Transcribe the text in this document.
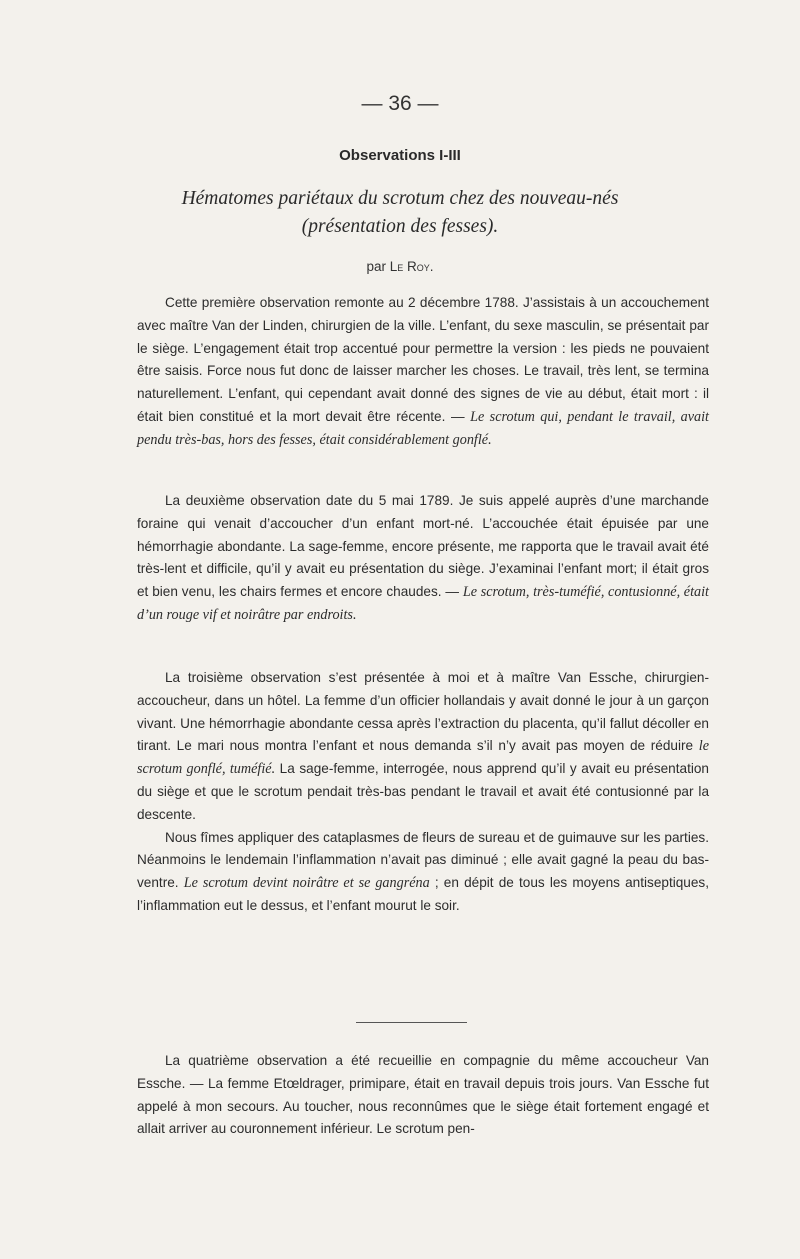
— 36 —
Observations I-III
Hématomes pariétaux du scrotum chez des nouveau-nés
(présentation des fesses).
par Le Roy.

Cette première observation remonte au 2 décembre 1788. J’assistais à un accouchement avec maître Van der Linden, chirurgien de la ville. L’enfant, du sexe masculin, se présentait par le siège. L’engagement était trop accentué pour permettre la version : les pieds ne pouvaient être saisis. Force nous fut donc de laisser marcher les choses. Le travail, très lent, se termina naturellement. L’enfant, qui cependant avait donné des signes de vie au début, était mort : il était bien constitué et la mort devait être récente. — Le scrotum qui, pendant le travail, avait pendu très-bas, hors des fesses, était considérablement gonflé.

La deuxième observation date du 5 mai 1789. Je suis appelé auprès d’une marchande foraine qui venait d’accoucher d’un enfant mort-né. L’accouchée était épuisée par une hémorrhagie abondante. La sage-femme, encore présente, me rapporta que le travail avait été très-lent et difficile, qu’il y avait eu présentation du siège. J’examinai l’enfant mort; il était gros et bien venu, les chairs fermes et encore chaudes. — Le scrotum, très-tuméfié, contusionné, était d’un rouge vif et noirâtre par endroits.

La troisième observation s’est présentée à moi et à maître Van Essche, chirurgien-accoucheur, dans un hôtel. La femme d’un officier hollandais y avait donné le jour à un garçon vivant. Une hémorrhagie abondante cessa après l’extraction du placenta, qu’il fallut décoller en tirant. Le mari nous montra l’enfant et nous demanda s’il n’y avait pas moyen de réduire le scrotum gonflé, tuméfié. La sage-femme, interrogée, nous apprend qu’il y avait eu présentation du siège et que le scrotum pendait très-bas pendant le travail et avait été contusionné par la descente.

Nous fîmes appliquer des cataplasmes de fleurs de sureau et de guimauve sur les parties. Néanmoins le lendemain l’inflammation n’avait pas diminué ; elle avait gagné la peau du bas-ventre. Le scrotum devint noirâtre et se gangréna ; en dépit de tous les moyens antiseptiques, l’inflammation eut le dessus, et l’enfant mourut le soir.

La quatrième observation a été recueillie en compagnie du même accoucheur Van Essche. — La femme Etœldrager, primipare, était en travail depuis trois jours. Van Essche fut appelé à mon secours. Au toucher, nous reconnûmes que le siège était fortement engagé et allait arriver au couronnement inférieur. Le scrotum pen-
